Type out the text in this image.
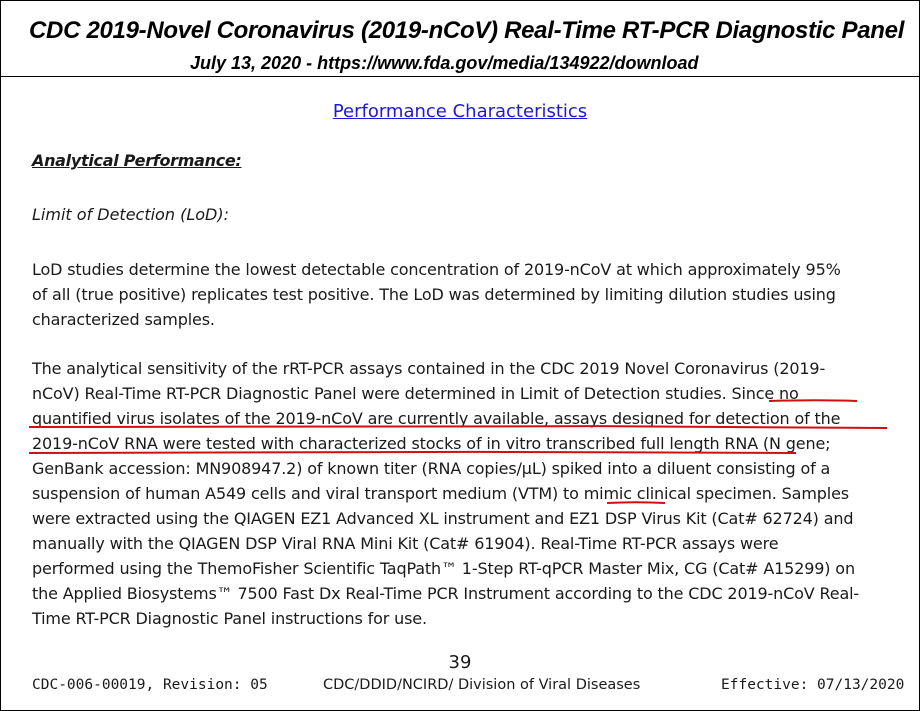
CDC 2019-Novel Coronavirus (2019-nCoV) Real-Time RT-PCR Diagnostic Panel
July 13, 2020 - https://www.fda.gov/media/134922/download
Performance Characteristics
Analytical Performance:
Limit of Detection (LoD):
LoD studies determine the lowest detectable concentration of 2019-nCoV at which approximately 95%
of all (true positive) replicates test positive. The LoD was determined by limiting dilution studies using
characterized samples.
The analytical sensitivity of the rRT-PCR assays contained in the CDC 2019 Novel Coronavirus (2019-
nCoV) Real-Time RT-PCR Diagnostic Panel were determined in Limit of Detection studies. Since no
quantified virus isolates of the 2019-nCoV are currently available, assays designed for detection of the
2019-nCoV RNA were tested with characterized stocks of in vitro transcribed full length RNA (N gene;
GenBank accession: MN908947.2) of known titer (RNA copies/µL) spiked into a diluent consisting of a
suspension of human A549 cells and viral transport medium (VTM) to mimic clinical specimen. Samples
were extracted using the QIAGEN EZ1 Advanced XL instrument and EZ1 DSP Virus Kit (Cat# 62724) and
manually with the QIAGEN DSP Viral RNA Mini Kit (Cat# 61904). Real-Time RT-PCR assays were
performed using the ThemoFisher Scientific TaqPath™ 1-Step RT-qPCR Master Mix, CG (Cat# A15299) on
the Applied Biosystems™ 7500 Fast Dx Real-Time PCR Instrument according to the CDC 2019-nCoV Real-
Time RT-PCR Diagnostic Panel instructions for use.
39
CDC-006-00019, Revision: 05	CDC/DDID/NCIRD/ Division of Viral Diseases	Effective: 07/13/2020
